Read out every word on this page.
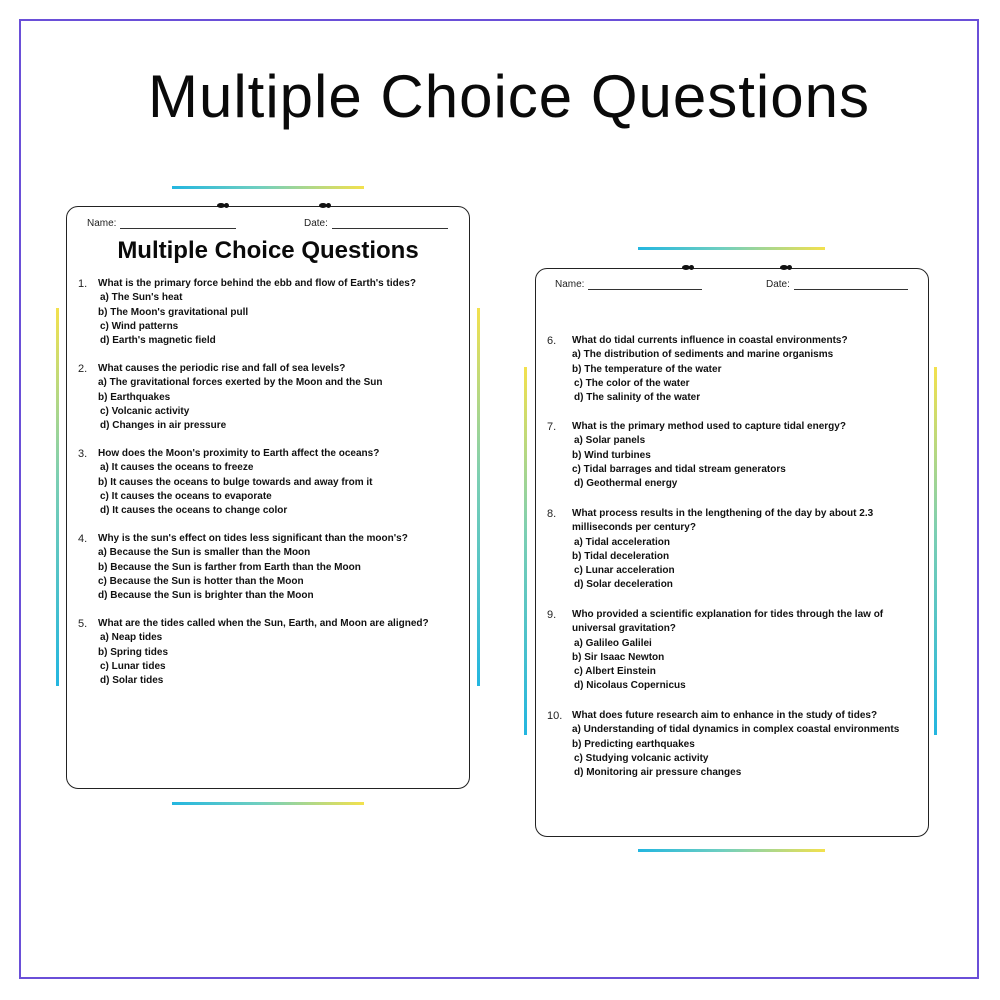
Multiple Choice Questions
Name:	Date:
Multiple Choice Questions
1. What is the primary force behind the ebb and flow of Earth's tides?
a) The Sun's heat
b) The Moon's gravitational pull
c) Wind patterns
d) Earth's magnetic field
2. What causes the periodic rise and fall of sea levels?
a) The gravitational forces exerted by the Moon and the Sun
b) Earthquakes
c) Volcanic activity
d) Changes in air pressure
3. How does the Moon's proximity to Earth affect the oceans?
a) It causes the oceans to freeze
b) It causes the oceans to bulge towards and away from it
c) It causes the oceans to evaporate
d) It causes the oceans to change color
4. Why is the sun's effect on tides less significant than the moon's?
a) Because the Sun is smaller than the Moon
b) Because the Sun is farther from Earth than the Moon
c) Because the Sun is hotter than the Moon
d) Because the Sun is brighter than the Moon
5. What are the tides called when the Sun, Earth, and Moon are aligned?
a) Neap tides
b) Spring tides
c) Lunar tides
d) Solar tides
Name:	Date:
6. What do tidal currents influence in coastal environments?
a) The distribution of sediments and marine organisms
b) The temperature of the water
c) The color of the water
d) The salinity of the water
7. What is the primary method used to capture tidal energy?
a) Solar panels
b) Wind turbines
c) Tidal barrages and tidal stream generators
d) Geothermal energy
8. What process results in the lengthening of the day by about 2.3
milliseconds per century?
a) Tidal acceleration
b) Tidal deceleration
c) Lunar acceleration
d) Solar deceleration
9. Who provided a scientific explanation for tides through the law of
universal gravitation?
a) Galileo Galilei
b) Sir Isaac Newton
c) Albert Einstein
d) Nicolaus Copernicus
10. What does future research aim to enhance in the study of tides?
a) Understanding of tidal dynamics in complex coastal environments
b) Predicting earthquakes
c) Studying volcanic activity
d) Monitoring air pressure changes
